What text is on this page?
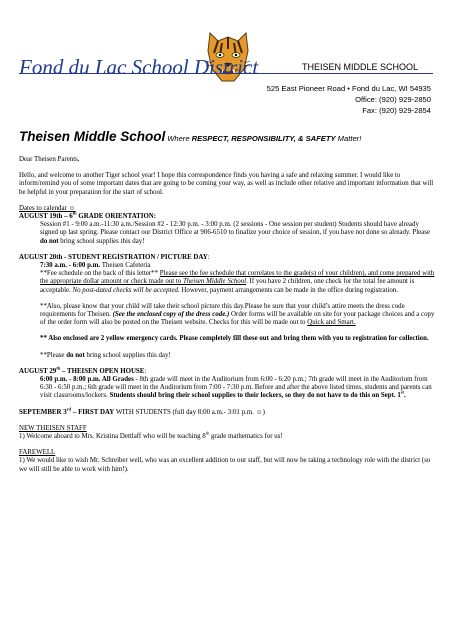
Fond du Lac School District	THEISEN MIDDLE SCHOOL
525 East Pioneer Road • Fond du Lac, WI 54935
Office: (920) 929-2850
Fax: (920) 929-2854
Theisen Middle School Where RESPECT, RESPONSIBILITY, & SAFETY Matter!

Dear Theisen Parents,

Hello, and welcome to another Tiger school year! I hope this correspondence finds you having a safe and relaxing summer. I would like to inform/remind you of some important dates that are going to be coming your way, as well as include other relative and important information that will be helpful in your preparation for the start of school.

Dates to calendar ☺

AUGUST 19th – 6th GRADE ORIENTATION:

Session #1 - 9:00 a.m.-11:30 a.m./Session #2 - 12:30 p.m. - 3:00 p.m. (2 sessions - One session per student) Students should have already signed up last spring. Please contact our District Office at 906-6510 to finalize your choice of session, if you have not done so already. Please do not bring school supplies this day!

AUGUST 20th - STUDENT REGISTRATION / PICTURE DAY:

7:30 a.m. - 6:00 p.m. Theisen Cafeteria

**Fee schedule on the back of this letter** Please see the fee schedule that correlates to the grade(s) of your children), and come prepared with the appropriate dollar amount or check made out to Theisen Middle School. If you have 2 children, one check for the total fee amount is acceptable. No post-dated checks will be accepted. However, payment arrangements can be made in the office during registration.

**Also, please know that your child will take their school picture this day.Please be sure that your child’s attire meets the dress code requirements for Theisen. (See the enclosed copy of the dress code.) Order forms will be available on site for your package choices and a copy of the order form will also be posted on the Theisen website. Checks for this will be made out to Quick and Smart.

** Also enclosed are 2 yellow emergency cards. Please completely fill these out and bring them with you to registration for collection.

**Please do not bring school supplies this day!

AUGUST 29th – THEISEN OPEN HOUSE:

6:00 p.m. - 8:00 p.m. All Grades - 8th grade will meet in the Auditorium from 6:00 - 6:20 p.m.; 7th grade will meet in the Auditorium from 6:30 - 6:50 p.m.; 6th grade will meet in the Auditorium from 7:00 - 7:30 p.m. Before and after the above listed times, students and parents can visit classrooms/lockers. Students should bring their school supplies to their lockers, so they do not have to do this on Sept. 1st.

SEPTEMBER 3rd – FIRST DAY WITH STUDENTS (full day 8:00 a.m.- 3:01 p.m. ☺)

NEW THEISEN STAFF

1) Welcome aboard to Mrs. Kristina Dettlaff who will be teaching 8th grade mathematics for us!

FAREWELL

1) We would like to wish Mr. Schreiber well, who was an excellent addition to our staff, but will now be taking a technology role with the district (so we will still be able to work with him!).
